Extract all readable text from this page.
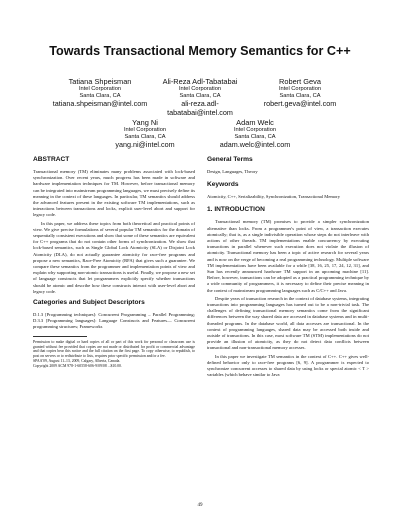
Towards Transactional Memory Semantics for C++
Tatiana Shpeisman
Intel Corporation
Santa Clara, CA
tatiana.shpeisman@intel.com
Ali-Reza Adl-Tabatabai
Intel Corporation
Santa Clara, CA
ali-reza.adl-tabatabai@intel.com
Robert Geva
Intel Corporation
Santa Clara, CA
robert.geva@intel.com
Yang Ni
Intel Corporation
Santa Clara, CA
yang.ni@intel.com
Adam Welc
Intel Corporation
Santa Clara, CA
adam.welc@intel.com
ABSTRACT

Transactional memory (TM) eliminates many problems associated with lock-based synchronization. Over recent years, much progress has been made in software and hardware implementation techniques for TM. However, before transactional memory can be integrated into mainstream programming languages, we must precisely define its meaning in the context of these languages. In particular, TM semantics should address the advanced features present in the existing software TM implementations, such as interactions between transactions and locks, explicit user-level abort and support for legacy code.

In this paper, we address these topics from both theoretical and practical points of view. We give precise formulations of several popular TM semantics for the domain of sequentially consistent executions and show that some of these semantics are equivalent for C++ programs that do not contain other forms of synchronization. We show that lock-based semantics, such as Single Global Lock Atomicity (SLA) or Disjoint Lock Atomicity (DLA), do not actually guarantee atomicity for race-free programs and propose a new semantics, Race-Free Atomicity (RFA) that gives such a guarantee. We compare these semantics from the programmer and implementation points of view and explain why supporting non-atomic transactions is useful. Finally, we propose a new set of language constructs that let programmers explicitly specify whether transactions should be atomic and describe how these constructs interact with user-level abort and legacy code.

Categories and Subject Descriptors

D.1.3 [Programming techniques]: Concurrent Programming – Parallel Programming; D.3.3 [Programming languages]: Language Constructs and Features— Concurrent programming structures; Frameworks

Permission to make digital or hard copies of all or part of this work for personal or classroom use is granted without fee provided that copies are not made or distributed for profit or commercial advantage and that copies bear this notice and the full citation on the first page. To copy otherwise, to republish, to post on servers or to redistribute to lists, requires prior specific permission and/or a fee.
SPAA'09, August 11–13, 2009, Calgary, Alberta, Canada.
Copyright 2009 ACM 978-1-60558-606-9/09/08 ...$10.00.
General Terms

Design, Languages, Theory

Keywords

Atomicity, C++, Serializability, Synchronization, Transactional Memory

1. INTRODUCTION

Transactional memory (TM) promises to provide a simpler synchronization alternative than locks. From a programmer's point of view, a transaction executes atomically; that is, as a single indivisible operation whose steps do not interleave with actions of other threads. TM implementations enable concurrency by executing transactions in parallel whenever such execution does not violate the illusion of atomicity. Transactional memory has been a topic of active research for several years and is now on the verge of becoming a real programming technology. Multiple software TM implementations have been available for a while [38, 16, 25, 17, 24, 12, 31], and Sun has recently announced hardware TM support in an upcoming machine [11]. Before, however, transactions can be adopted as a practical programming technique by a wide community of programmers, it is necessary to define their precise meaning in the context of mainstream programming languages such as C/C++ and Java.

Despite years of transaction research in the context of database systems, integrating transactions into programming languages has turned out to be a non-trivial task. The challenges of defining transactional memory semantics come from the significant differences between the way shared data are accessed in database systems and in multi-threaded programs. In the database world, all data accesses are transactional. In the context of programming languages, shared data may be accessed both inside and outside of transactions. In this case, most software TM (STM) implementations do not provide an illusion of atomicity, as they do not detect data conflicts between transactional and non-transactional memory accesses.

In this paper we investigate TM semantics in the context of C++. C++ gives well-defined behavior only to race-free programs [6, 9]. A programmer is expected to synchronize concurrent accesses to shared data by using locks or special atomic < T > variables (which behave similar to Java

49
